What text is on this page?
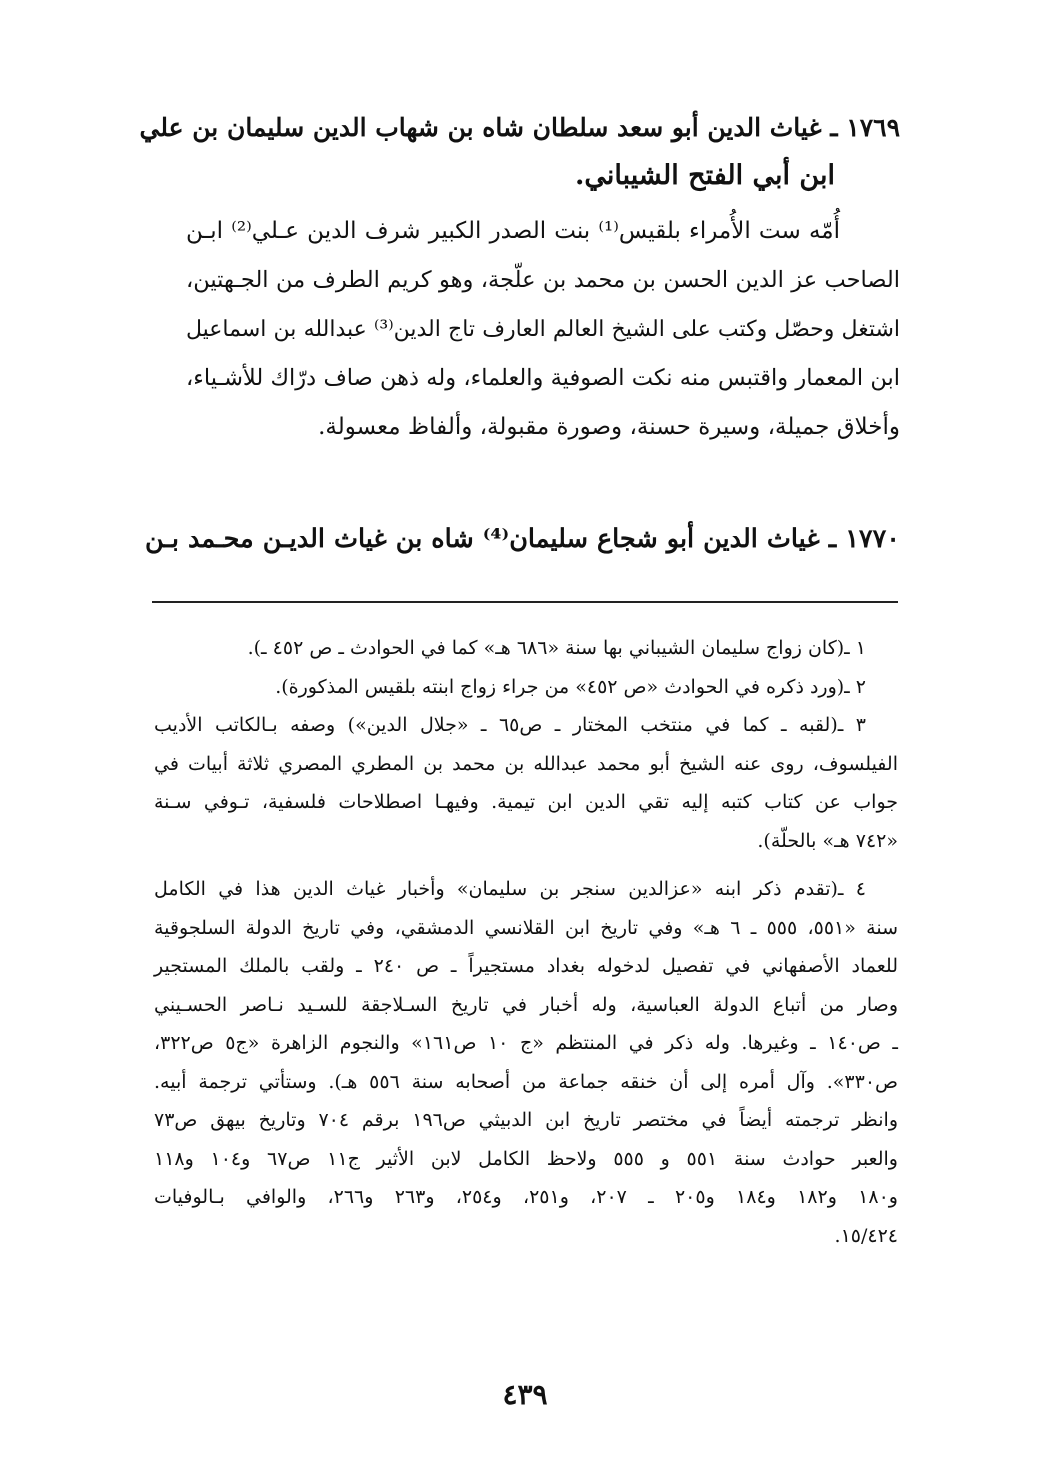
١٧٦٩ ـ غياث الدين أبو سعد سلطان شاه بن شهاب الدين سليمان بن علي
ابن أبي الفتح الشيباني.
أُمّه ست الأُمراء بلقيس⁽¹⁾ بنت الصدر الكبير شرف الدين عـلي⁽²⁾ ابـن
الصاحب عز الدين الحسن بن محمد بن علّجة، وهو كريم الطرف من الجـهتين،
اشتغل وحصّل وكتب على الشيخ العالم العارف تاج الدين⁽³⁾ عبدالله بن اسماعيل
ابن المعمار واقتبس منه نكت الصوفية والعلماء، وله ذهن صاف درّاك للأشـياء،
وأخلاق جميلة، وسيرة حسنة، وصورة مقبولة، وألفاظ معسولة.
١٧٧٠ ـ غياث الدين أبو شجاع سليمان⁽⁴⁾ شاه بن غياث الديـن محـمد بـن
١ ـ(كان زواج سليمان الشيباني بها سنة «٦٨٦ هـ» كما في الحوادث ـ ص ٤٥٢ ـ).
٢ ـ(ورد ذكره في الحوادث «ص ٤٥٢» من جراء زواج ابنته بلقيس المذكورة).
٣ ـ(لقبه ـ كما في منتخب المختار ـ ص٦٥ ـ «جلال الدين») وصفه بـالكاتب الأديب
الفيلسوف، روى عنه الشيخ أبو محمد عبدالله بن محمد بن المطري المصري ثلاثة أبيات في
جواب عن كتاب كتبه إليه تقي الدين ابن تيمية. وفيهـا اصطلاحات فلسفية، تـوفي سـنة
«٧٤٢ هـ» بالحلّة).
٤ ـ(تقدم ذكر ابنه «عزالدين سنجر بن سليمان» وأخبار غياث الدين هذا في الكامل
سنة «٥٥١، ٥٥٥ ـ ٦ هـ» وفي تاريخ ابن القلانسي الدمشقي، وفي تاريخ الدولة السلجوقية
للعماد الأصفهاني في تفصيل لدخوله بغداد مستجيراً ـ ص ٢٤٠ ـ ولقب بالملك المستجير
وصار من أتباع الدولة العباسية، وله أخبار في تاريخ السـلاجقة للسـيد نـاصر الحسـيني
ـ ص١٤٠ ـ وغيرها. وله ذكر في المنتظم «ج ١٠ ص١٦١» والنجوم الزاهرة «ج٥ ص٣٢٢،
ص٣٣٠». وآل أمره إلى أن خنقه جماعة من أصحابه سنة ٥٥٦ هـ). وستأتي ترجمة أبيه.
وانظر ترجمته أيضاً في مختصر تاريخ ابن الدبيثي ص١٩٦ برقم ٧٠٤ وتاريخ بيهق ص٧٣
والعبر حوادث سنة ٥٥١ و ٥٥٥ ولاحظ الكامل لابن الأثير ج١١ ص٦٧ و١٠٤ و١١٨
و١٨٠ و١٨٢ و١٨٤ و٢٠٥ ـ ٢٠٧، و٢٥١، و٢٥٤، و٢٦٣ و٢٦٦، والوافي بـالوفيات
١٥/٤٢٤.
٤٣٩
